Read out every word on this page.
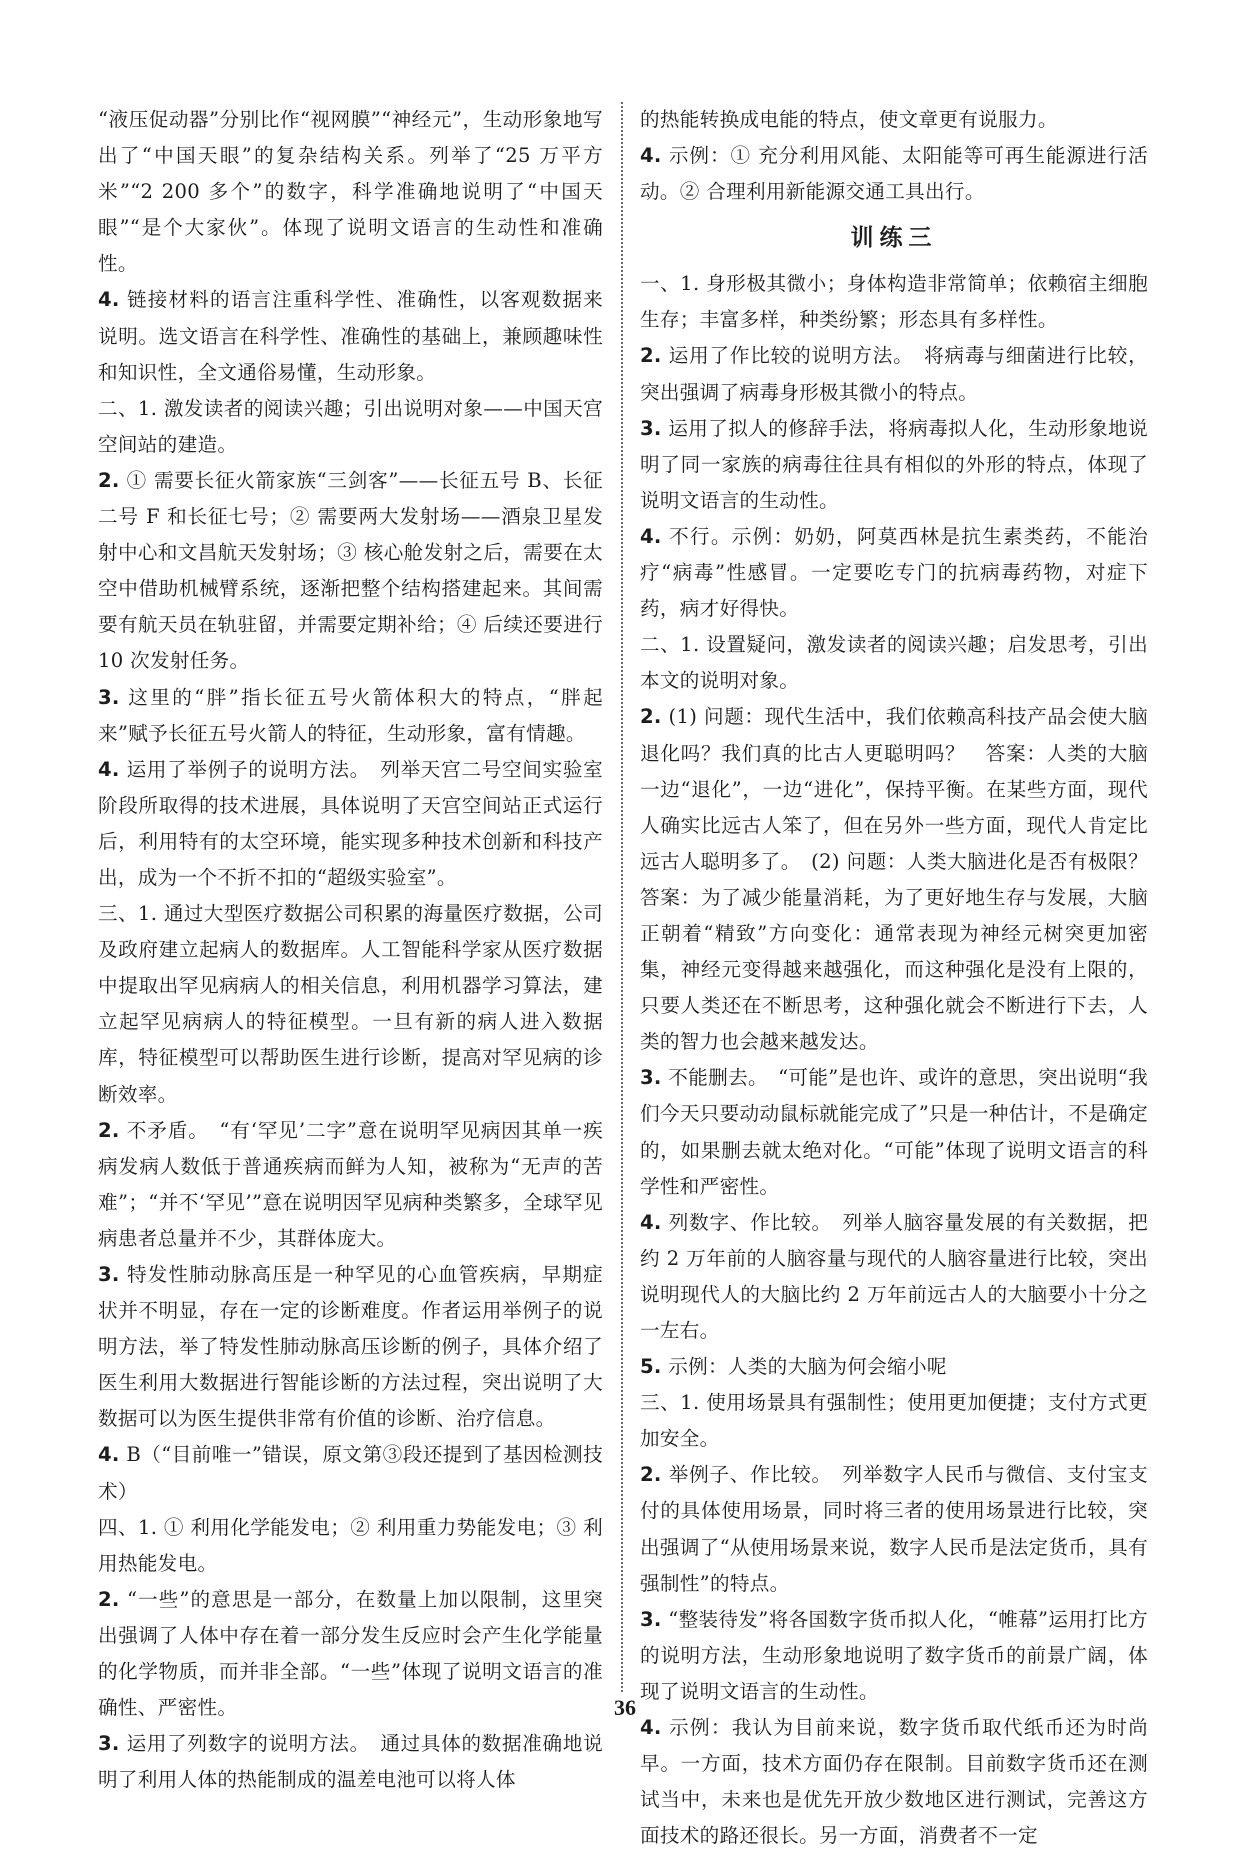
“液压促动器”分别比作“视网膜”“神经元”，生动形象地写出了“中国天眼”的复杂结构关系。列举了“25 万平方米”“2 200 多个”的数字，科学准确地说明了“中国天眼”“是个大家伙”。体现了说明文语言的生动性和准确性。

4. 链接材料的语言注重科学性、准确性，以客观数据来说明。选文语言在科学性、准确性的基础上，兼顾趣味性和知识性，全文通俗易懂，生动形象。

二、1. 激发读者的阅读兴趣；引出说明对象——中国天宫空间站的建造。

2. ① 需要长征火箭家族“三剑客”——长征五号 B、长征二号 F 和长征七号；② 需要两大发射场——酒泉卫星发射中心和文昌航天发射场；③ 核心舱发射之后，需要在太空中借助机械臂系统，逐渐把整个结构搭建起来。其间需要有航天员在轨驻留，并需要定期补给；④ 后续还要进行 10 次发射任务。

3. 这里的“胖”指长征五号火箭体积大的特点，“胖起来”赋予长征五号火箭人的特征，生动形象，富有情趣。

4. 运用了举例子的说明方法。　列举天宫二号空间实验室阶段所取得的技术进展，具体说明了天宫空间站正式运行后，利用特有的太空环境，能实现多种技术创新和科技产出，成为一个不折不扣的“超级实验室”。

三、1. 通过大型医疗数据公司积累的海量医疗数据，公司及政府建立起病人的数据库。人工智能科学家从医疗数据中提取出罕见病病人的相关信息，利用机器学习算法，建立起罕见病病人的特征模型。一旦有新的病人进入数据库，特征模型可以帮助医生进行诊断，提高对罕见病的诊断效率。

2. 不矛盾。　“有‘罕见’二字”意在说明罕见病因其单一疾病发病人数低于普通疾病而鲜为人知，被称为“无声的苦难”；“并不‘罕见’”意在说明因罕见病种类繁多，全球罕见病患者总量并不少，其群体庞大。

3. 特发性肺动脉高压是一种罕见的心血管疾病，早期症状并不明显，存在一定的诊断难度。作者运用举例子的说明方法，举了特发性肺动脉高压诊断的例子，具体介绍了医生利用大数据进行智能诊断的方法过程，突出说明了大数据可以为医生提供非常有价值的诊断、治疗信息。

4. B（“目前唯一”错误，原文第③段还提到了基因检测技术）

四、1. ① 利用化学能发电；② 利用重力势能发电；③ 利用热能发电。

2. “一些”的意思是一部分，在数量上加以限制，这里突出强调了人体中存在着一部分发生反应时会产生化学能量的化学物质，而并非全部。“一些”体现了说明文语言的准确性、严密性。

3. 运用了列数字的说明方法。　通过具体的数据准确地说明了利用人体的热能制成的温差电池可以将人体

的热能转换成电能的特点，使文章更有说服力。

4. 示例：① 充分利用风能、太阳能等可再生能源进行活动。② 合理利用新能源交通工具出行。

训练三

一、1. 身形极其微小；身体构造非常简单；依赖宿主细胞生存；丰富多样，种类纷繁；形态具有多样性。

2. 运用了作比较的说明方法。　将病毒与细菌进行比较，突出强调了病毒身形极其微小的特点。

3. 运用了拟人的修辞手法，将病毒拟人化，生动形象地说明了同一家族的病毒往往具有相似的外形的特点，体现了说明文语言的生动性。

4. 不行。示例：奶奶，阿莫西林是抗生素类药，不能治疗“病毒”性感冒。一定要吃专门的抗病毒药物，对症下药，病才好得快。

二、1. 设置疑问，激发读者的阅读兴趣；启发思考，引出本文的说明对象。

2. (1) 问题：现代生活中，我们依赖高科技产品会使大脑退化吗？我们真的比古人更聪明吗？　答案：人类的大脑一边“退化”，一边“进化”，保持平衡。在某些方面，现代人确实比远古人笨了，但在另外一些方面，现代人肯定比远古人聪明多了。　(2) 问题：人类大脑进化是否有极限？　答案：为了减少能量消耗，为了更好地生存与发展，大脑正朝着“精致”方向变化：通常表现为神经元树突更加密集，神经元变得越来越强化，而这种强化是没有上限的，只要人类还在不断思考，这种强化就会不断进行下去，人类的智力也会越来越发达。

3. 不能删去。　“可能”是也许、或许的意思，突出说明“我们今天只要动动鼠标就能完成了”只是一种估计，不是确定的，如果删去就太绝对化。“可能”体现了说明文语言的科学性和严密性。

4. 列数字、作比较。　列举人脑容量发展的有关数据，把约 2 万年前的人脑容量与现代的人脑容量进行比较，突出说明现代人的大脑比约 2 万年前远古人的大脑要小十分之一左右。

5. 示例：人类的大脑为何会缩小呢

三、1. 使用场景具有强制性；使用更加便捷；支付方式更加安全。

2. 举例子、作比较。　列举数字人民币与微信、支付宝支付的具体使用场景，同时将三者的使用场景进行比较，突出强调了“从使用场景来说，数字人民币是法定货币，具有强制性”的特点。

3. “整装待发”将各国数字货币拟人化，“帷幕”运用打比方的说明方法，生动形象地说明了数字货币的前景广阔，体现了说明文语言的生动性。

4. 示例：我认为目前来说，数字货币取代纸币还为时尚早。一方面，技术方面仍存在限制。目前数字货币还在测试当中，未来也是优先开放少数地区进行测试，完善这方面技术的路还很长。另一方面，消费者不一定

36
